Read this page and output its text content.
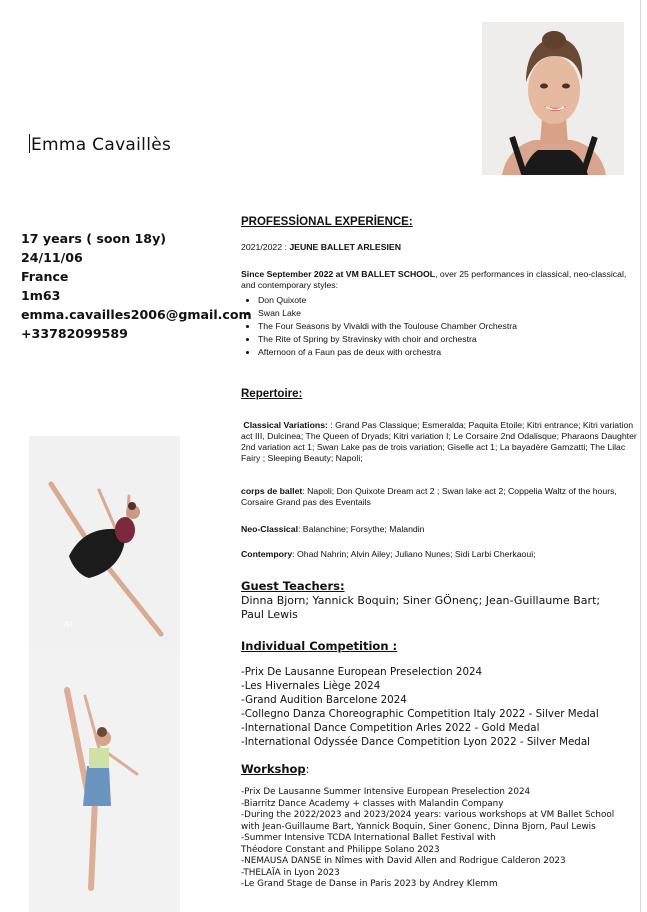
Emma Cavaillès
17 years ( soon 18y)
24/11/06
France
1m63
emma.cavailles2006@gmail.com
+33782099589
A1
PROFESSİONAL EXPERİENCE:
2021/2022 : JEUNE BALLET ARLESIEN
Since September 2022 at VM BALLET SCHOOL, over 25 performances in classical, neo-classical, and contemporary styles:
• Don Quixote
• Swan Lake
• The Four Seasons by Vivaldi with the Toulouse Chamber Orchestra
• The Rite of Spring by Stravinsky with choir and orchestra
• Afternoon of a Faun pas de deux with orchestra
Repertoire:
Classical Variations: : Grand Pas Classique; Esmeralda; Paquita Etoile; Kitri entrance; Kitri variation act III, Dulcinea; The Queen of Dryads; Kitri variation I; Le Corsaire 2nd Odalisque; Pharaons Daughter 2nd variation act 1; Swan Lake pas de trois variation; Giselle act 1; La bayadère Gamzatti; The Lilac Fairy ; Sleeping Beauty; Napoli;
corps de ballet: Napoli; Don Quixote Dream act 2 ; Swan lake act 2; Coppelia Waltz of the hours, Corsaire Grand pas des Eventails
Neo-Classical: Balanchine; Forsythe; Malandin
Contempory: Ohad Nahrin; Alvin Ailey; Juliano Nunes; Sidi Larbi Cherkaoui;
Guest Teachers:
Dinna Bjorn; Yannick Boquin; Siner GÖnenç; Jean-Guillaume Bart;
Paul Lewis
Individual Competition :
-Prix De Lausanne European Preselection 2024
-Les Hivernales Liège 2024
-Grand Audition Barcelone 2024
-Collegno Danza Choreographic Competition Italy 2022 - Silver Medal
-International Dance Competition Arles 2022 - Gold Medal
-International Odyssée Dance Competition Lyon 2022 - Silver Medal
Workshop:
-Prix De Lausanne Summer Intensive European Preselection 2024
-Biarritz Dance Academy + classes with Malandin Company
-During the 2022/2023 and 2023/2024 years: various workshops at VM Ballet School
with Jean-Guillaume Bart, Yannick Boquin, Siner Gonenc, Dinna Bjorn, Paul Lewis
-Summer Intensive TCDA International Ballet Festival with
Théodore Constant and Philippe Solano 2023
-NEMAUSA DANSE in Nîmes with David Allen and Rodrigue Calderon 2023
-THELAÏA in Lyon 2023
-Le Grand Stage de Danse in Paris 2023 by Andrey Klemm
